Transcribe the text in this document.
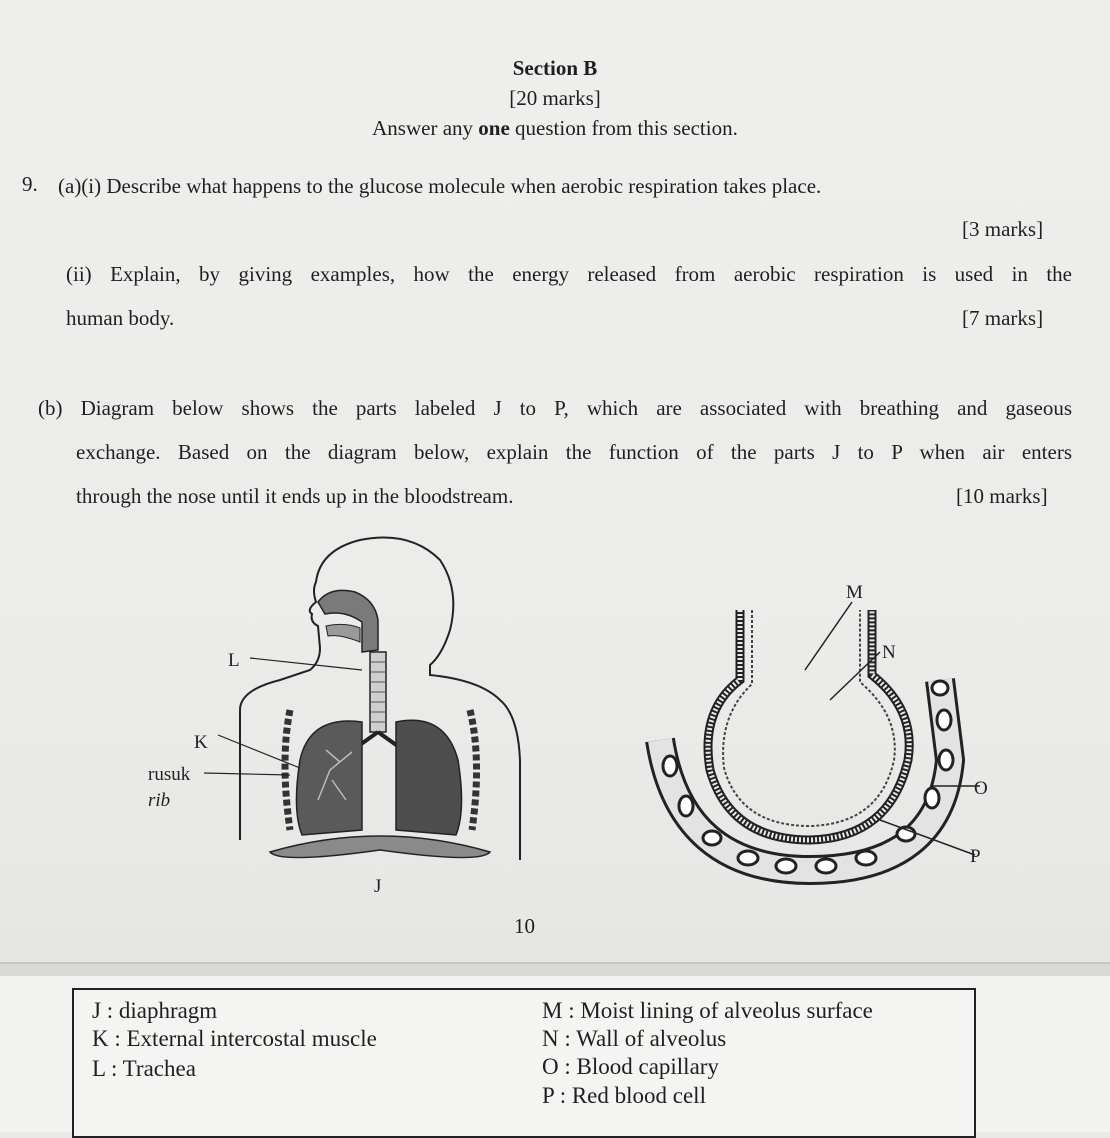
Section B
[20 marks]
Answer any one question from this section.
9. (a)(i) Describe what happens to the glucose molecule when aerobic respiration takes place.
[3 marks]
(ii) Explain, by giving examples, how the energy released from aerobic respiration is used in the
human body.	[7 marks]
(b) Diagram below shows the parts labeled J to P, which are associated with breathing and gaseous
exchange. Based on the diagram below, explain the function of the parts J to P when air enters
through the nose until it ends up in the bloodstream.	[10 marks]
L
K
rusuk
rib
J
M
N
O
P
10
J : diaphragm
K : External intercostal muscle
L : Trachea
M : Moist lining of alveolus surface
N : Wall of alveolus
O : Blood capillary
P : Red blood cell
